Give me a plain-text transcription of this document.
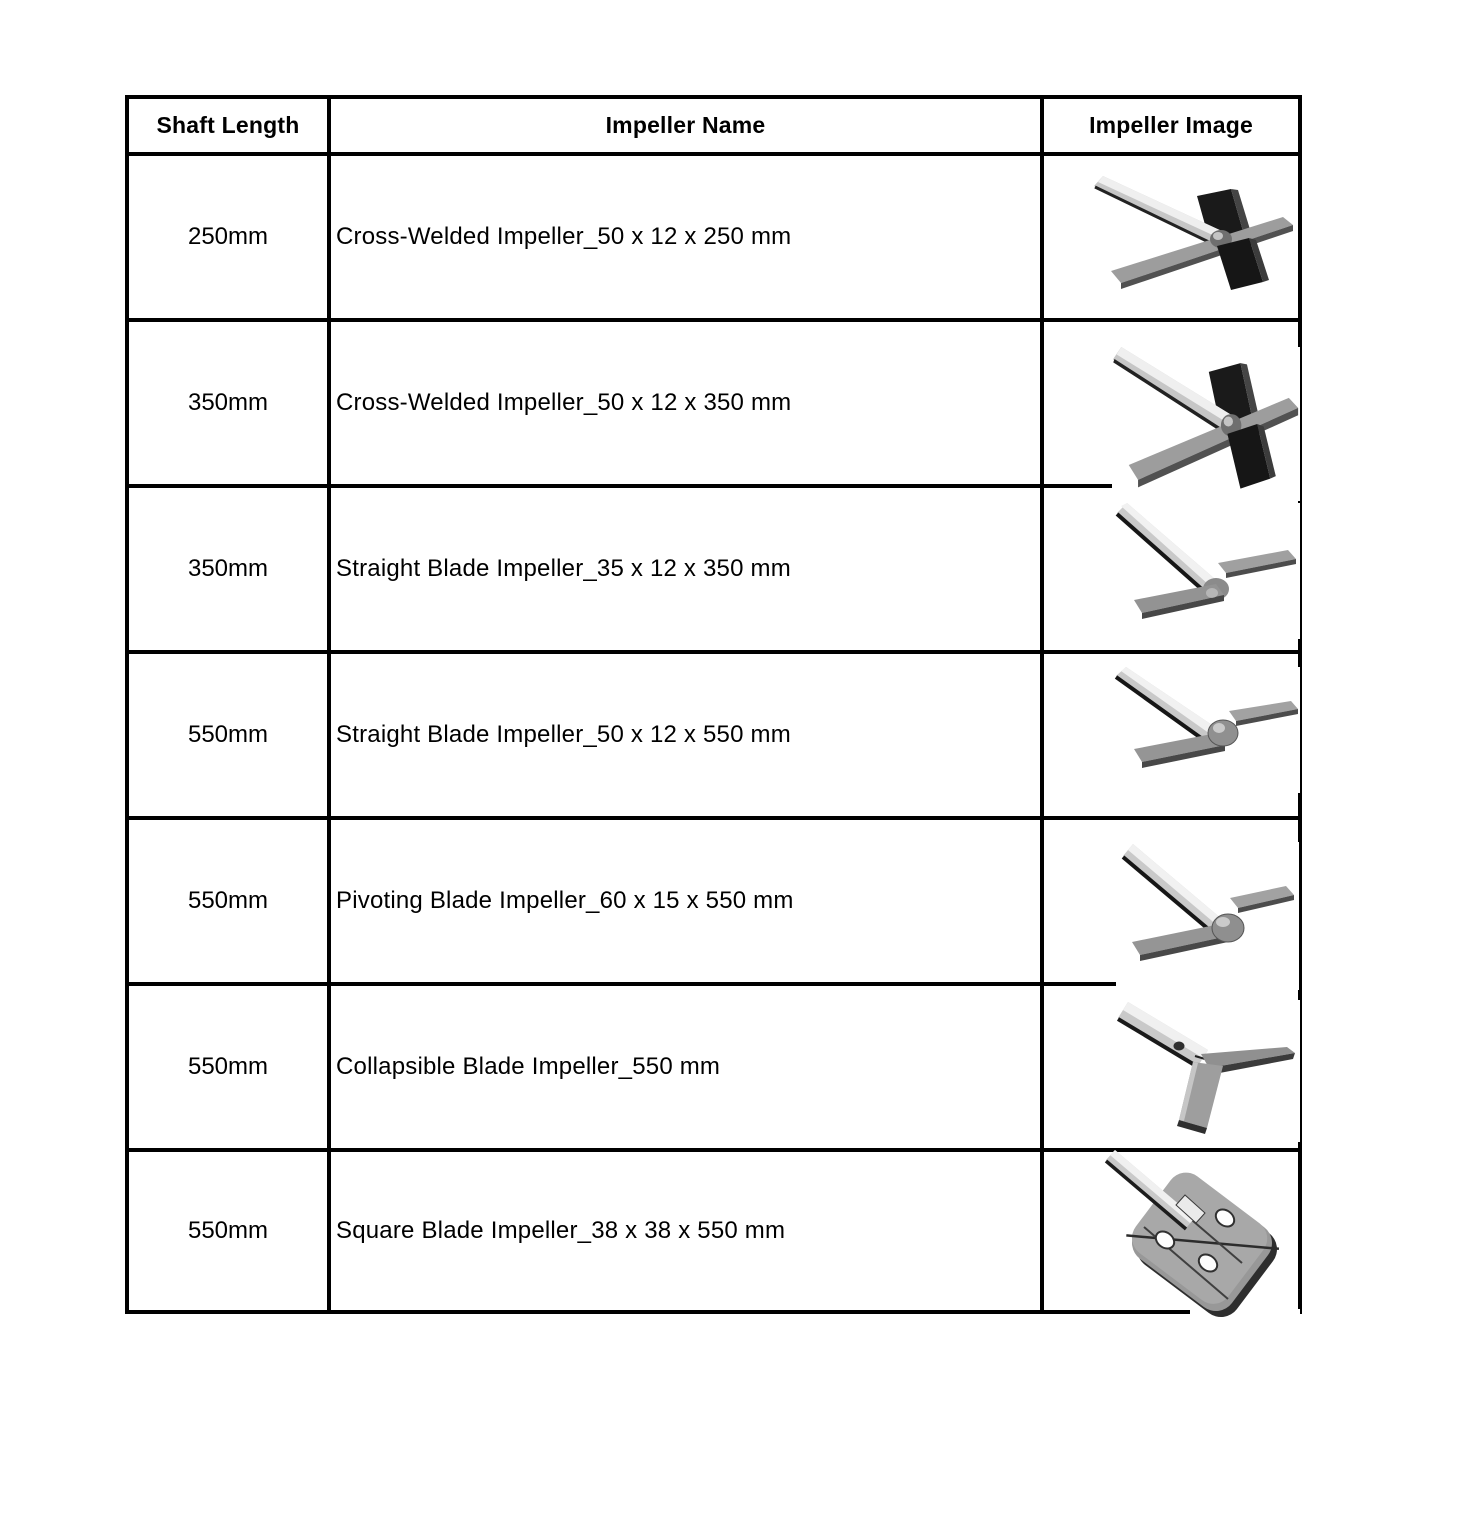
Shaft Length	Impeller Name	Impeller Image
250mm	Cross-Welded Impeller_50 x 12 x 250 mm
350mm	Cross-Welded Impeller_50 x 12 x 350 mm
350mm	Straight Blade Impeller_35 x 12 x 350 mm
550mm	Straight Blade Impeller_50 x 12 x 550 mm
550mm	Pivoting Blade Impeller_60 x 15 x 550 mm
550mm	Collapsible Blade Impeller_550 mm
550mm	Square Blade Impeller_38 x 38 x 550 mm
